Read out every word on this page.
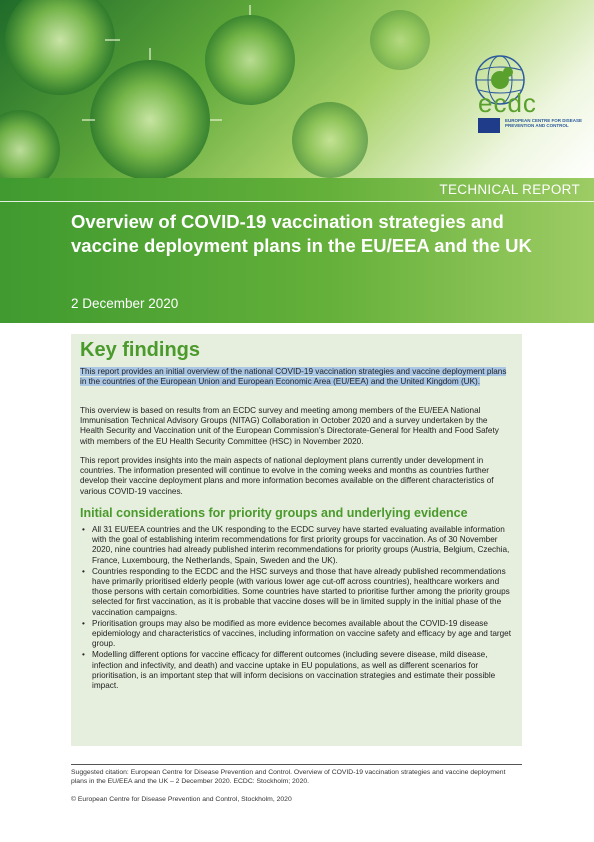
ecdc
EUROPEAN CENTRE FOR DISEASE PREVENTION AND CONTROL
TECHNICAL REPORT
Overview of COVID-19 vaccination strategies and vaccine deployment plans in the EU/EEA and the UK
2 December 2020
Key findings

This report provides an initial overview of the national COVID-19 vaccination strategies and vaccine deployment plans in the countries of the European Union and European Economic Area (EU/EEA) and the United Kingdom (UK).

This overview is based on results from an ECDC survey and meeting among members of the EU/EEA National Immunisation Technical Advisory Groups (NITAG) Collaboration in October 2020 and a survey undertaken by the Health Security and Vaccination unit of the European Commission’s Directorate-General for Health and Food Safety with members of the EU Health Security Committee (HSC) in November 2020.

This report provides insights into the main aspects of national deployment plans currently under development in countries. The information presented will continue to evolve in the coming weeks and months as countries further develop their vaccine deployment plans and more information becomes available on the different characteristics of various COVID-19 vaccines.

Initial considerations for priority groups and underlying evidence
• All 31 EU/EEA countries and the UK responding to the ECDC survey have started evaluating available information with the goal of establishing interim recommendations for first priority groups for vaccination. As of 30 November 2020, nine countries had already published interim recommendations for priority groups (Austria, Belgium, Czechia, France, Luxembourg, the Netherlands, Spain, Sweden and the UK).
• Countries responding to the ECDC and the HSC surveys and those that have already published recommendations have primarily prioritised elderly people (with various lower age cut-off across countries), healthcare workers and those persons with certain comorbidities. Some countries have started to prioritise further among the priority groups selected for first vaccination, as it is probable that vaccine doses will be in limited supply in the initial phase of the vaccination campaigns.
• Prioritisation groups may also be modified as more evidence becomes available about the COVID-19 disease epidemiology and characteristics of vaccines, including information on vaccine safety and efficacy by age and target group.
• Modelling different options for vaccine efficacy for different outcomes (including severe disease, mild disease, infection and infectivity, and death) and vaccine uptake in EU populations, as well as different scenarios for prioritisation, is an important step that will inform decisions on vaccination strategies and estimate their possible impact.

Suggested citation: European Centre for Disease Prevention and Control. Overview of COVID-19 vaccination strategies and vaccine deployment plans in the EU/EEA and the UK – 2 December 2020. ECDC: Stockholm; 2020.

© European Centre for Disease Prevention and Control, Stockholm, 2020
